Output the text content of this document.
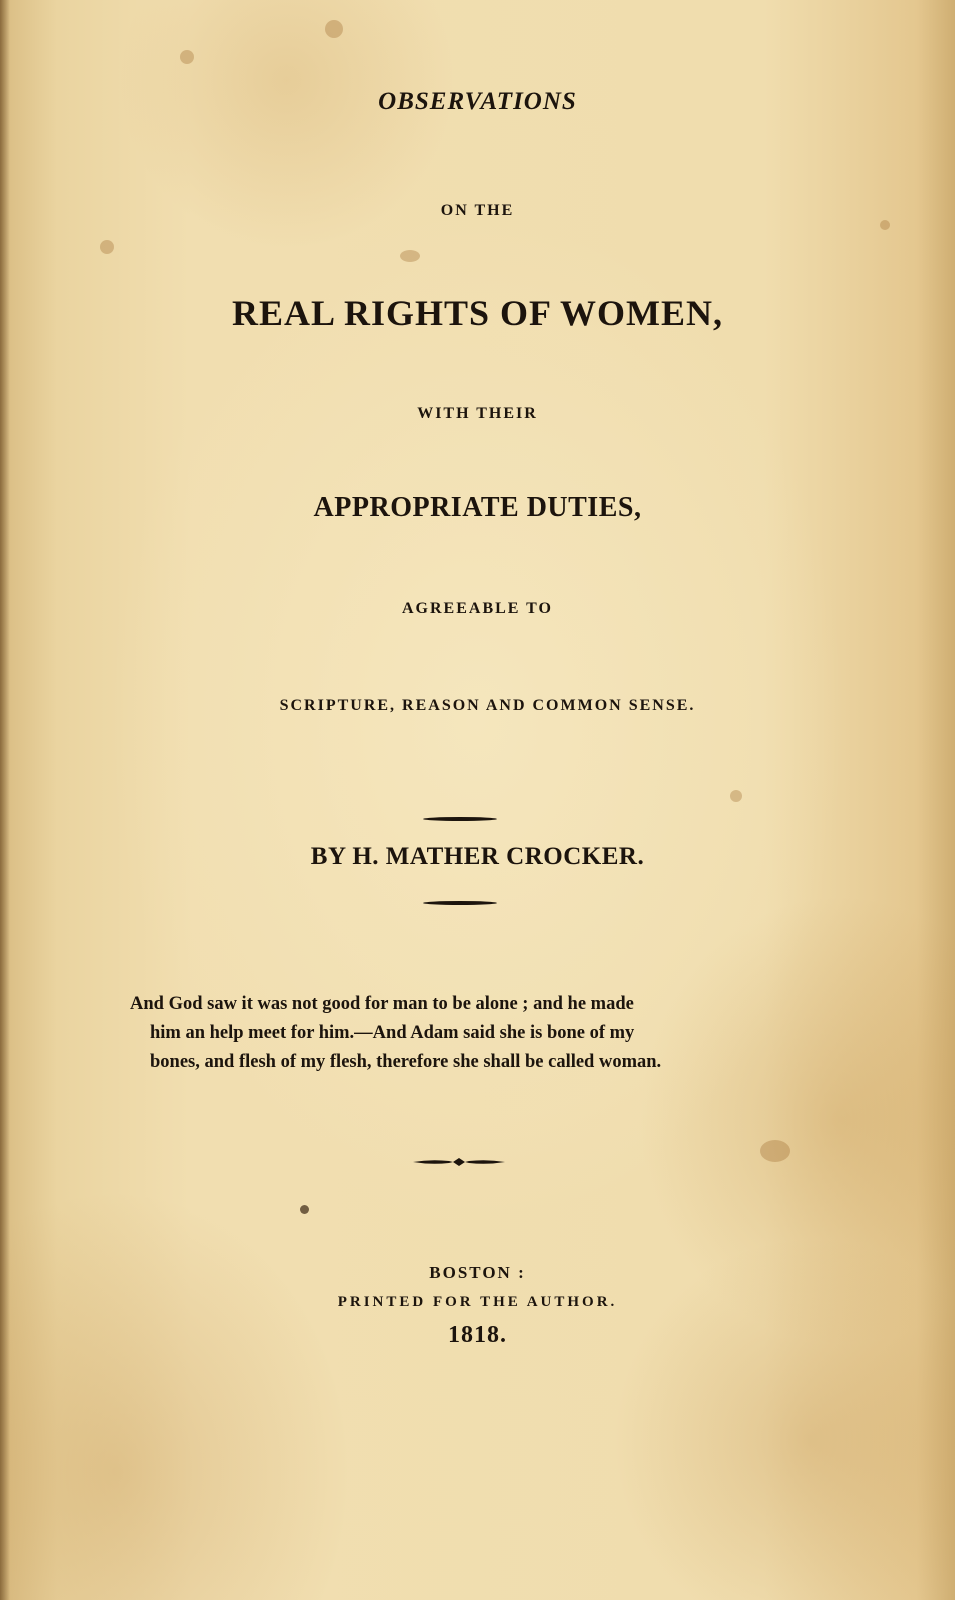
OBSERVATIONS
ON THE
REAL RIGHTS OF WOMEN,
WITH THEIR
APPROPRIATE DUTIES,
AGREEABLE TO
SCRIPTURE, REASON AND COMMON SENSE.
BY H. MATHER CROCKER.
And God saw it was not good for man to be alone ; and he made
him an help meet for him.—And Adam said she is bone of my
bones, and flesh of my flesh, therefore she shall be called woman.
BOSTON :
PRINTED FOR THE AUTHOR.
1818.
